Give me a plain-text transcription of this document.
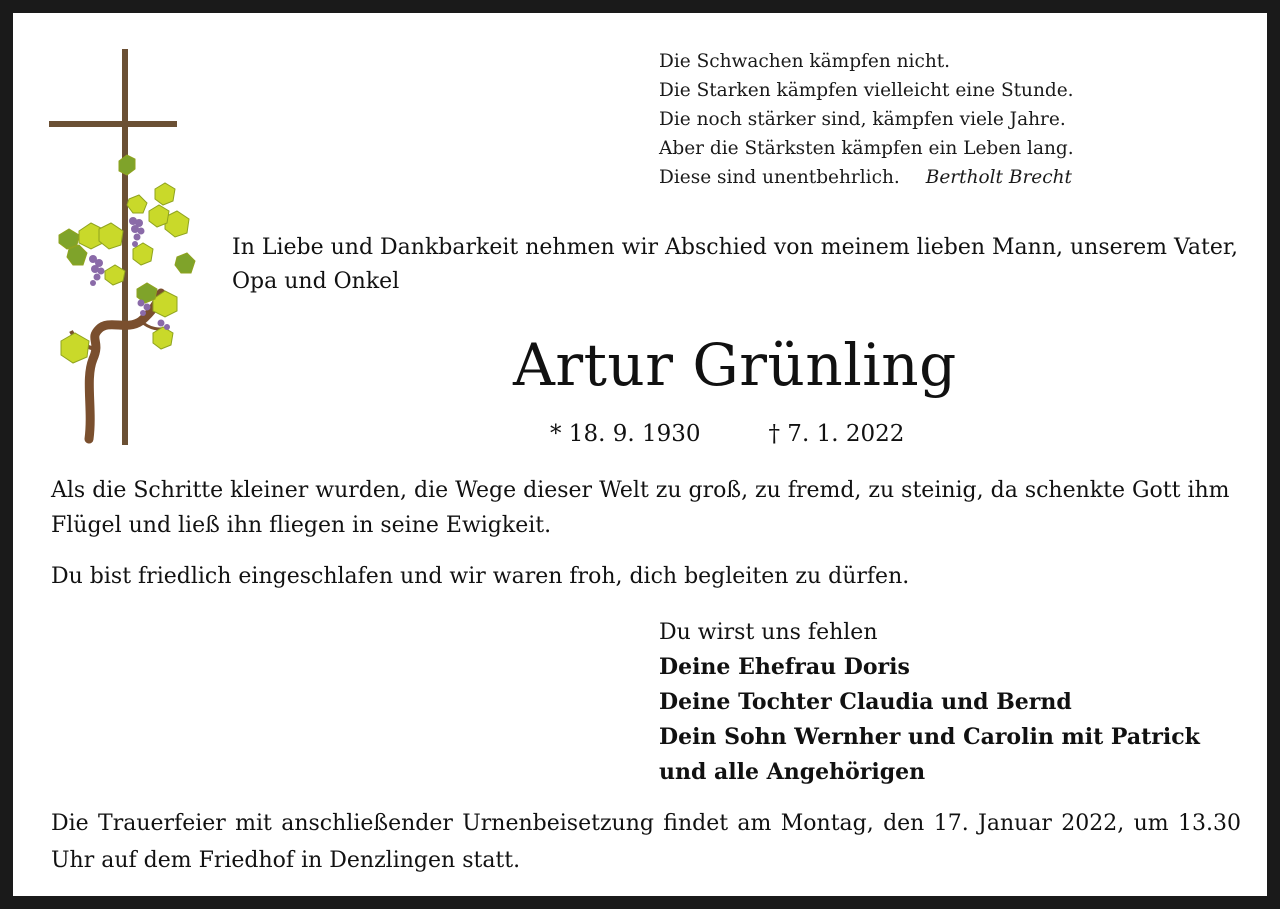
Die Schwachen kämpfen nicht.
Die Starken kämpfen vielleicht eine Stunde.
Die noch stärker sind, kämpfen viele Jahre.
Aber die Stärksten kämpfen ein Leben lang.
Diese sind unentbehrlich. Bertholt Brecht
In Liebe und Dankbarkeit nehmen wir Abschied von meinem lieben Mann, unserem Vater, Opa und Onkel
Artur Grünling
* 18. 9. 1930	† 7. 1. 2022
Als die Schritte kleiner wurden, die Wege dieser Welt zu groß, zu fremd, zu steinig, da schenkte Gott ihm Flügel und ließ ihn fliegen in seine Ewigkeit.
Du bist friedlich eingeschlafen und wir waren froh, dich begleiten zu dürfen.
Du wirst uns fehlen
Deine Ehefrau Doris
Deine Tochter Claudia und Bernd
Dein Sohn Wernher und Carolin mit Patrick
und alle Angehörigen
Die Trauerfeier mit anschließender Urnenbeisetzung findet am Montag, den 17. Januar 2022, um 13.30 Uhr auf dem Friedhof in Denzlingen statt.
